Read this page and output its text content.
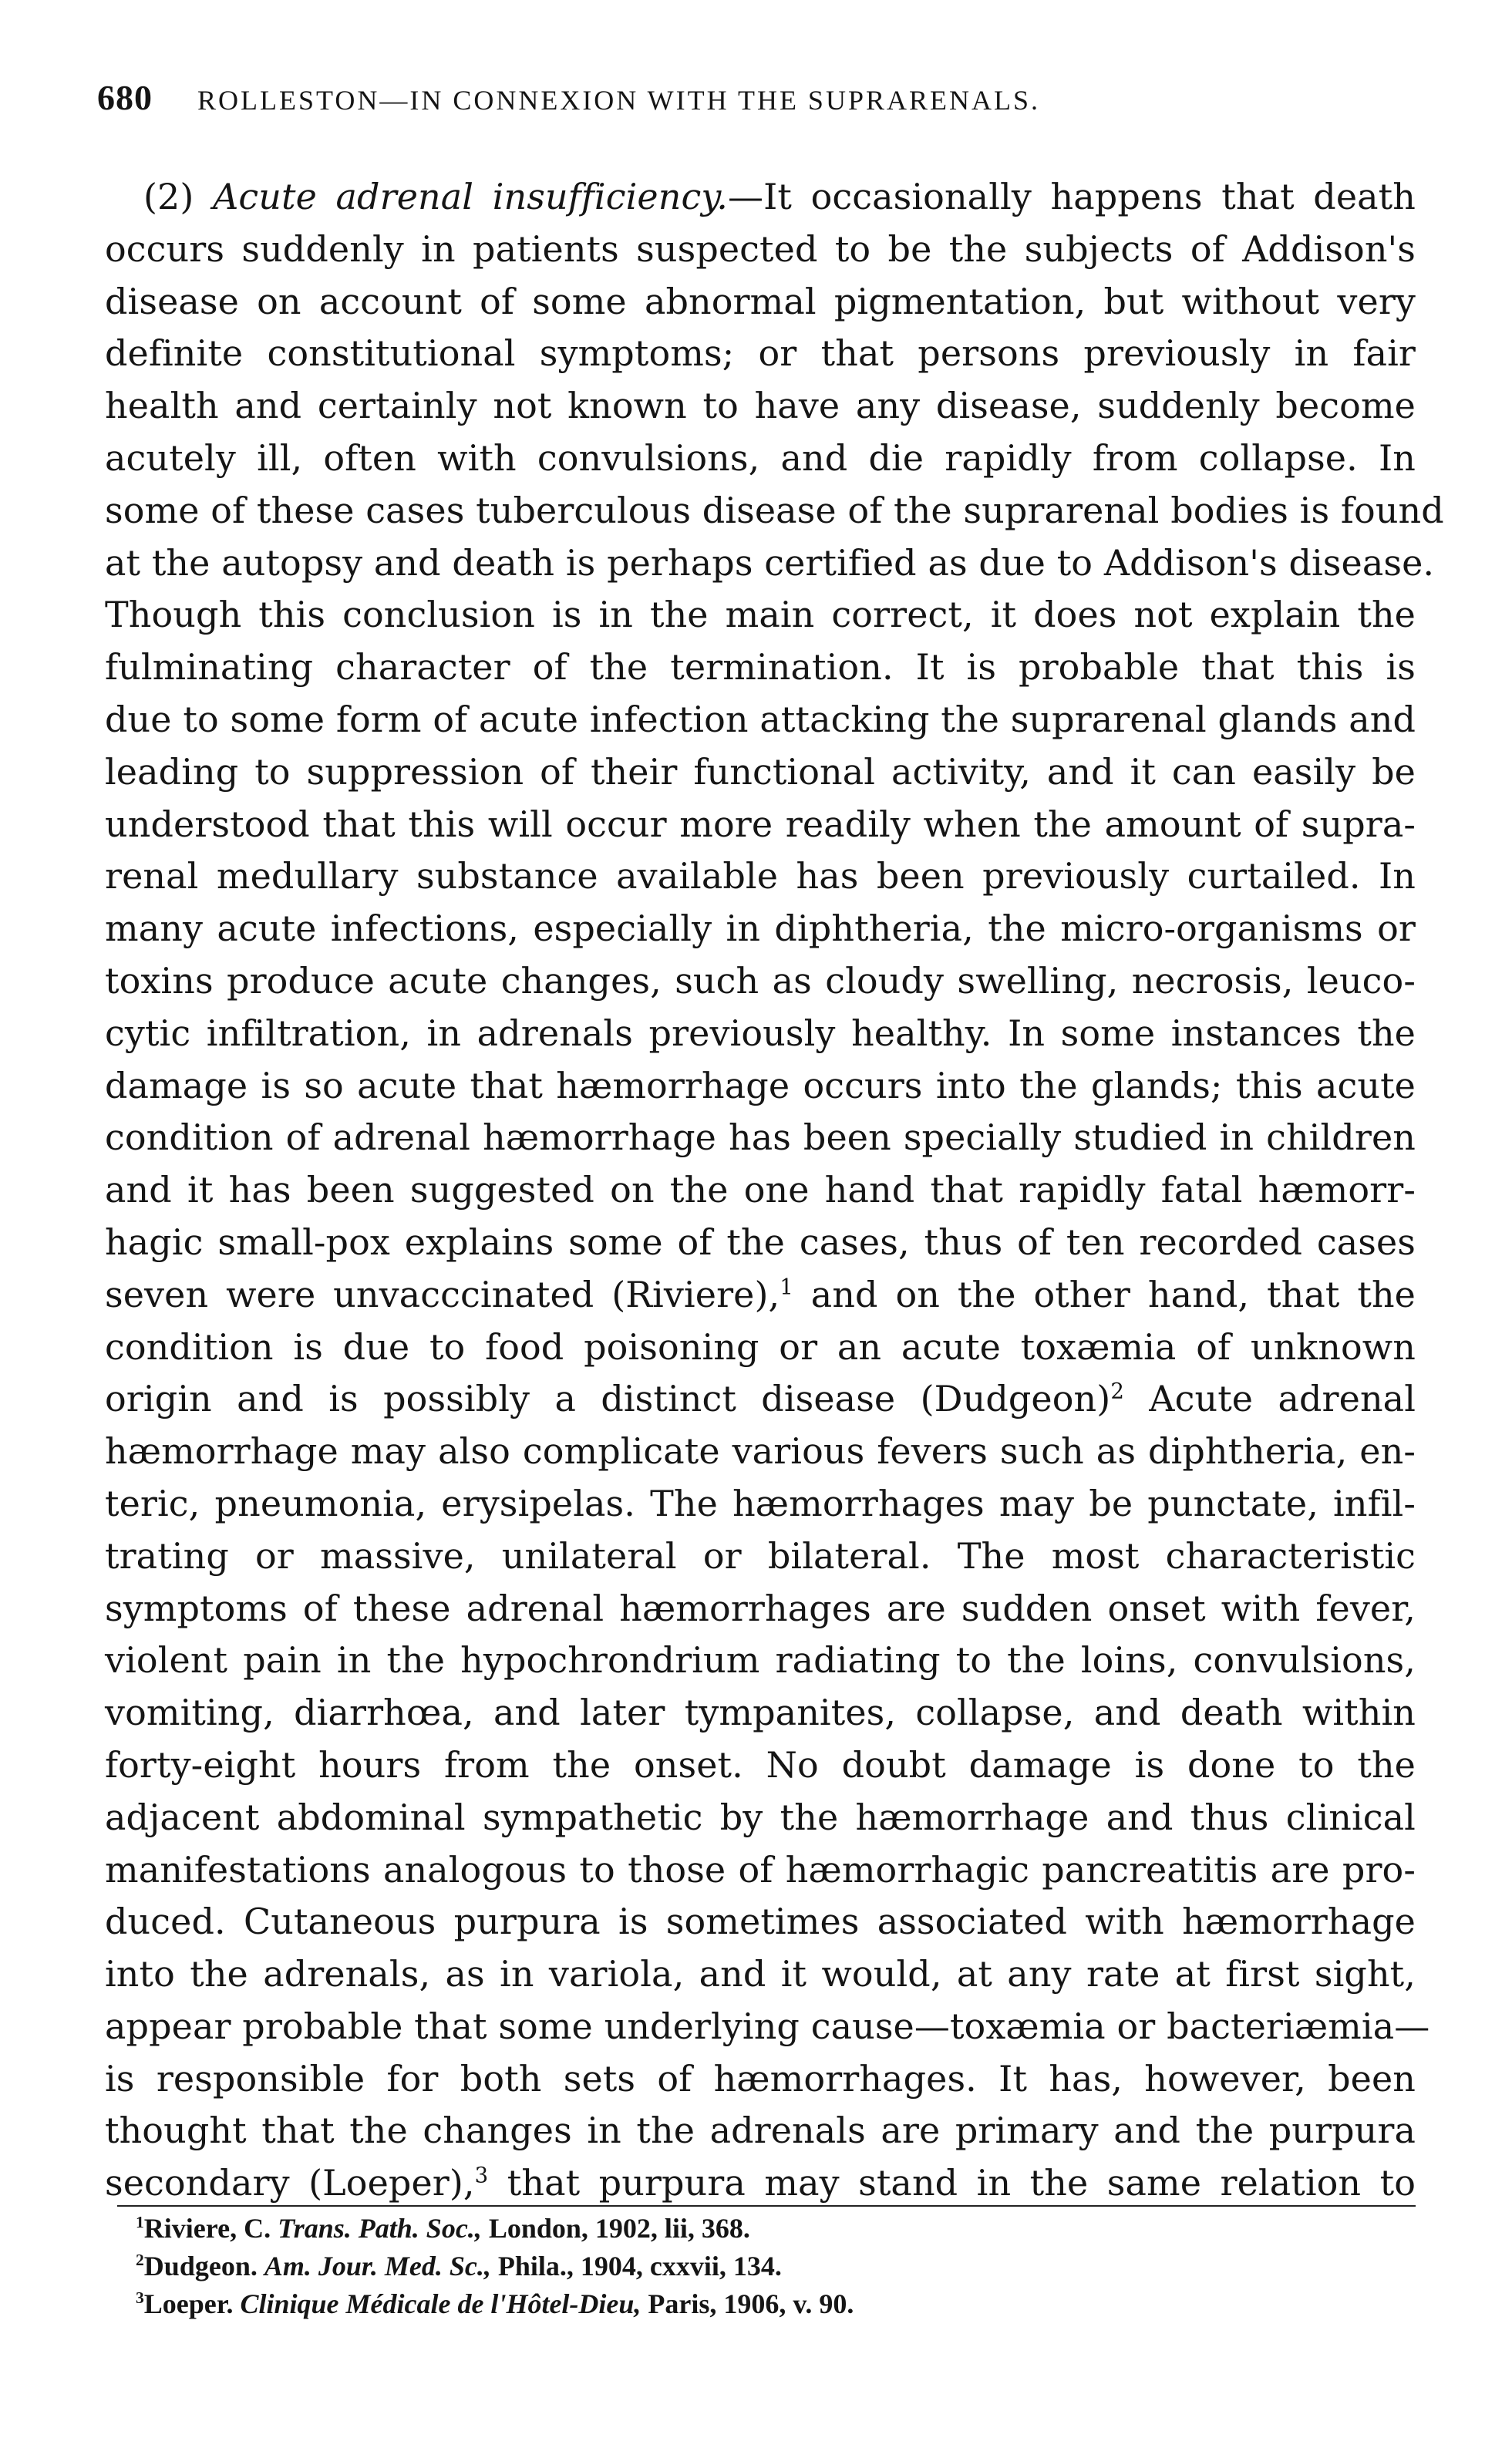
680 ROLLESTON—IN CONNEXION WITH THE SUPRARENALS.
(2) Acute adrenal insufficiency.—It occasionally happens that death
occurs suddenly in patients suspected to be the subjects of Addison's
disease on account of some abnormal pigmentation, but without very
definite constitutional symptoms; or that persons previously in fair
health and certainly not known to have any disease, suddenly become
acutely ill, often with convulsions, and die rapidly from collapse. In
some of these cases tuberculous disease of the suprarenal bodies is found
at the autopsy and death is perhaps certified as due to Addison's disease.
Though this conclusion is in the main correct, it does not explain the
fulminating character of the termination. It is probable that this is
due to some form of acute infection attacking the suprarenal glands and
leading to suppression of their functional activity, and it can easily be
understood that this will occur more readily when the amount of supra-
renal medullary substance available has been previously curtailed. In
many acute infections, especially in diphtheria, the micro-organisms or
toxins produce acute changes, such as cloudy swelling, necrosis, leuco-
cytic infiltration, in adrenals previously healthy. In some instances the
damage is so acute that hæmorrhage occurs into the glands; this acute
condition of adrenal hæmorrhage has been specially studied in children
and it has been suggested on the one hand that rapidly fatal hæmorr-
hagic small-pox explains some of the cases, thus of ten recorded cases
seven were unvacccinated (Riviere),$^1$ and on the other hand, that the
condition is due to food poisoning or an acute toxæmia of unknown
origin and is possibly a distinct disease (Dudgeon)$^2$ Acute adrenal
hæmorrhage may also complicate various fevers such as diphtheria, en-
teric, pneumonia, erysipelas. The hæmorrhages may be punctate, infil-
trating or massive, unilateral or bilateral. The most characteristic
symptoms of these adrenal hæmorrhages are sudden onset with fever,
violent pain in the hypochrondrium radiating to the loins, convulsions,
vomiting, diarrhœa, and later tympanites, collapse, and death within
forty-eight hours from the onset. No doubt damage is done to the
adjacent abdominal sympathetic by the hæmorrhage and thus clinical
manifestations analogous to those of hæmorrhagic pancreatitis are pro-
duced. Cutaneous purpura is sometimes associated with hæmorrhage
into the adrenals, as in variola, and it would, at any rate at first sight,
appear probable that some underlying cause—toxæmia or bacteriæmia—
is responsible for both sets of hæmorrhages. It has, however, been
thought that the changes in the adrenals are primary and the purpura
secondary (Loeper),$^3$ that purpura may stand in the same relation to
$^1$Riviere, C. Trans. Path. Soc., London, 1902, lii, 368.
$^2$Dudgeon. Am. Jour. Med. Sc., Phila., 1904, cxxvii, 134.
$^3$Loeper. Clinique Médicale de l'Hôtel-Dieu, Paris, 1906, v. 90.
